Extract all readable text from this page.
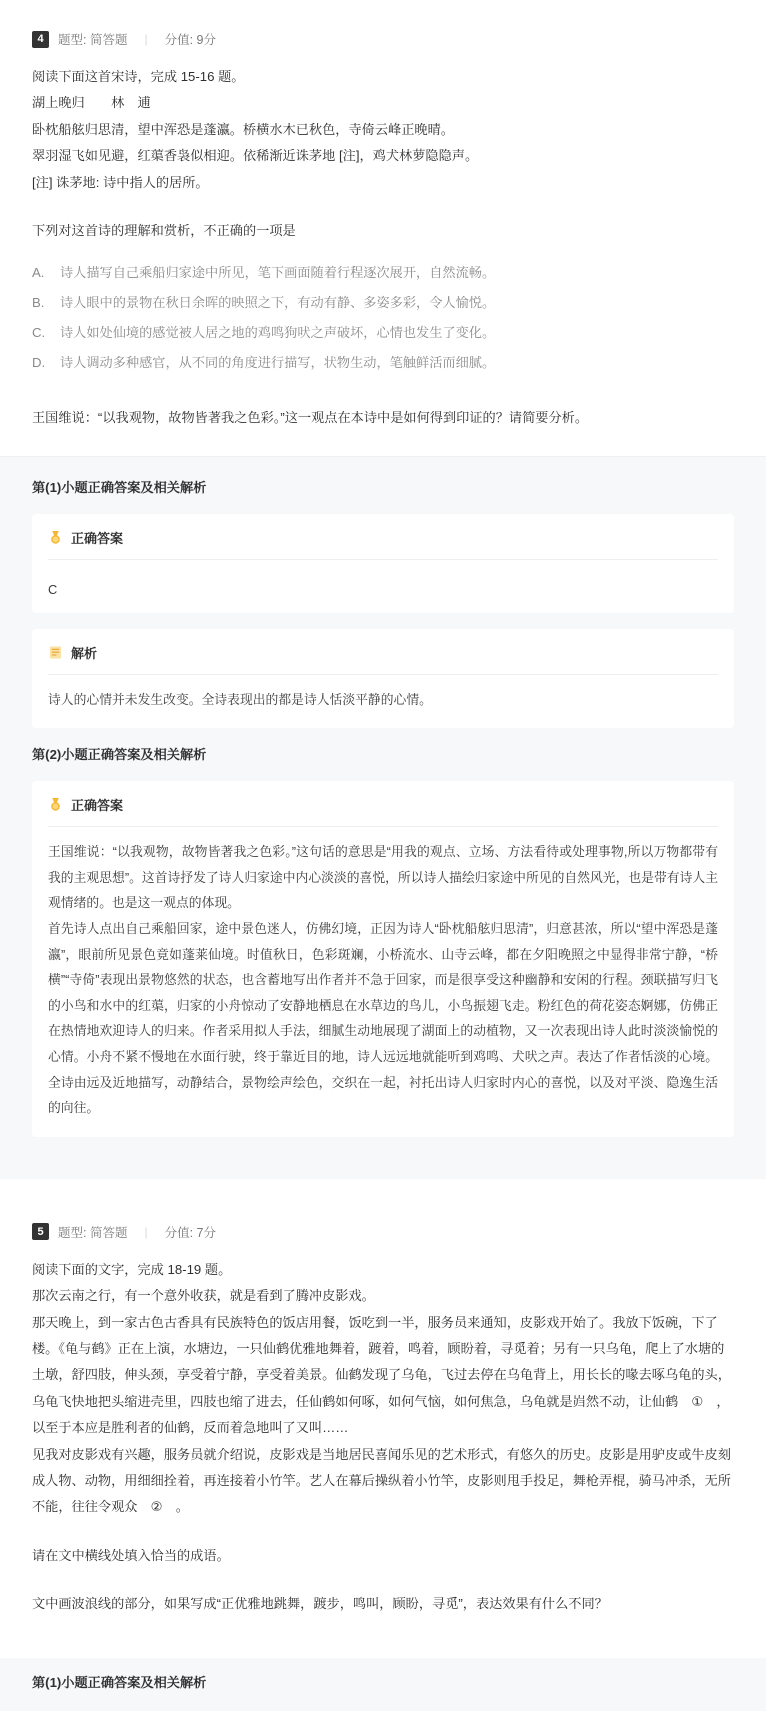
4	题型: 简答题 | 分值: 9分

阅读下面这首宋诗，完成 15-16 题。

湖上晚归　　林　逋

卧枕船舷归思清，望中浑恐是蓬瀛。桥横水木已秋色，寺倚云峰正晚晴。

翠羽湿飞如见避，红蕖香袅似相迎。依稀渐近诛茅地 [注]，鸡犬林萝隐隐声。

[注] 诛茅地: 诗中指人的居所。

下列对这首诗的理解和赏析，不正确的一项是

A. 诗人描写自己乘船归家途中所见，笔下画面随着行程逐次展开，自然流畅。
B. 诗人眼中的景物在秋日余晖的映照之下，有动有静、多姿多彩，令人愉悦。
C. 诗人如处仙境的感觉被人居之地的鸡鸣狗吠之声破坏，心情也发生了变化。
D. 诗人调动多种感官，从不同的角度进行描写，状物生动，笔触鲜活而细腻。

王国维说：“以我观物，故物皆著我之色彩。”这一观点在本诗中是如何得到印证的？请简要分析。

第(1)小题正确答案及相关解析
正确答案
C
解析

诗人的心情并未发生改变。全诗表现出的都是诗人恬淡平静的心情。

第(2)小题正确答案及相关解析
正确答案

王国维说：“以我观物，故物皆著我之色彩。”这句话的意思是“用我的观点、立场、方法看待或处理事物,所以万物都带有我的主观思想”。这首诗抒发了诗人归家途中内心淡淡的喜悦，所以诗人描绘归家途中所见的自然风光，也是带有诗人主观情绪的。也是这一观点的体现。

首先诗人点出自己乘船回家，途中景色迷人，仿佛幻境，正因为诗人“卧枕船舷归思清”，归意甚浓，所以“望中浑恐是蓬瀛”，眼前所见景色竟如蓬莱仙境。时值秋日，色彩斑斓，小桥流水、山寺云峰，都在夕阳晚照之中显得非常宁静，“桥横”“寺倚”表现出景物悠然的状态，也含蓄地写出作者并不急于回家，而是很享受这种幽静和安闲的行程。颈联描写归飞的小鸟和水中的红蕖，归家的小舟惊动了安静地栖息在水草边的鸟儿，小鸟振翅飞走。粉红色的荷花姿态婀娜，仿佛正在热情地欢迎诗人的归来。作者采用拟人手法，细腻生动地展现了湖面上的动植物，又一次表现出诗人此时淡淡愉悦的心情。小舟不紧不慢地在水面行驶，终于靠近目的地，诗人远远地就能听到鸡鸣、犬吠之声。表达了作者恬淡的心境。全诗由远及近地描写，动静结合，景物绘声绘色，交织在一起，衬托出诗人归家时内心的喜悦，以及对平淡、隐逸生活的向往。

5	题型: 简答题 | 分值: 7分

阅读下面的文字，完成 18-19 题。

那次云南之行，有一个意外收获，就是看到了腾冲皮影戏。

那天晚上，到一家古色古香具有民族特色的饭店用餐，饭吃到一半，服务员来通知，皮影戏开始了。我放下饭碗，下了楼。《龟与鹤》正在上演，水塘边，一只仙鹤优雅地舞着，踱着，鸣着，顾盼着，寻觅着；另有一只乌龟，爬上了水塘的土墩，舒四肢，伸头颈，享受着宁静，享受着美景。仙鹤发现了乌龟，飞过去停在乌龟背上，用长长的喙去啄乌龟的头，乌龟飞快地把头缩进壳里，四肢也缩了进去，任仙鹤如何啄，如何气恼，如何焦急，乌龟就是岿然不动，让仙鹤　①　，以至于本应是胜利者的仙鹤，反而着急地叫了又叫……

见我对皮影戏有兴趣，服务员就介绍说，皮影戏是当地居民喜闻乐见的艺术形式，有悠久的历史。皮影是用驴皮或牛皮刻成人物、动物，用细细拴着，再连接着小竹竿。艺人在幕后操纵着小竹竿，皮影则甩手投足，舞枪弄棍，骑马冲杀，无所不能，往往令观众　②　。

请在文中横线处填入恰当的成语。

文中画波浪线的部分，如果写成“正优雅地跳舞，踱步，鸣叫，顾盼，寻觅”，表达效果有什么不同？

第(1)小题正确答案及相关解析
